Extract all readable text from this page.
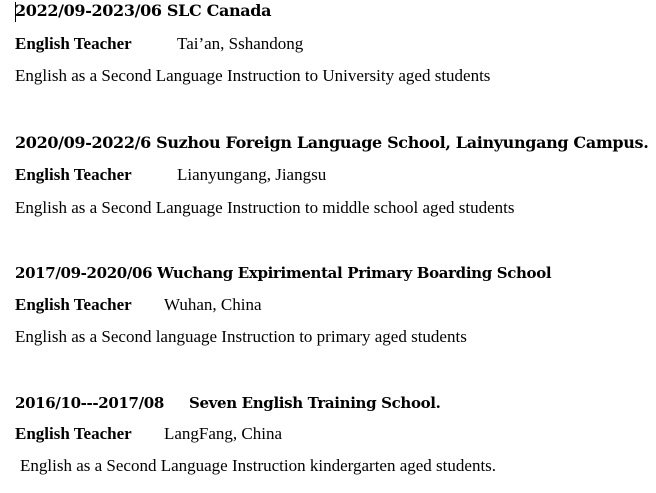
2022/09-2023/06 SLC Canada
English Teacher	Tai’an, Sshandong
English as a Second Language Instruction to University aged students
2020/09-2022/6 Suzhou Foreign Language School, Lainyungang Campus.
English Teacher	Lianyungang, Jiangsu
English as a Second Language Instruction to middle school aged students
2017/09-2020/06 Wuchang Expirimental Primary Boarding School
English Teacher Wuhan, China
English as a Second language Instruction to primary aged students
2016/10---2017/08 Seven English Training School.
English Teacher LangFang, China
English as a Second Language Instruction kindergarten aged students.
